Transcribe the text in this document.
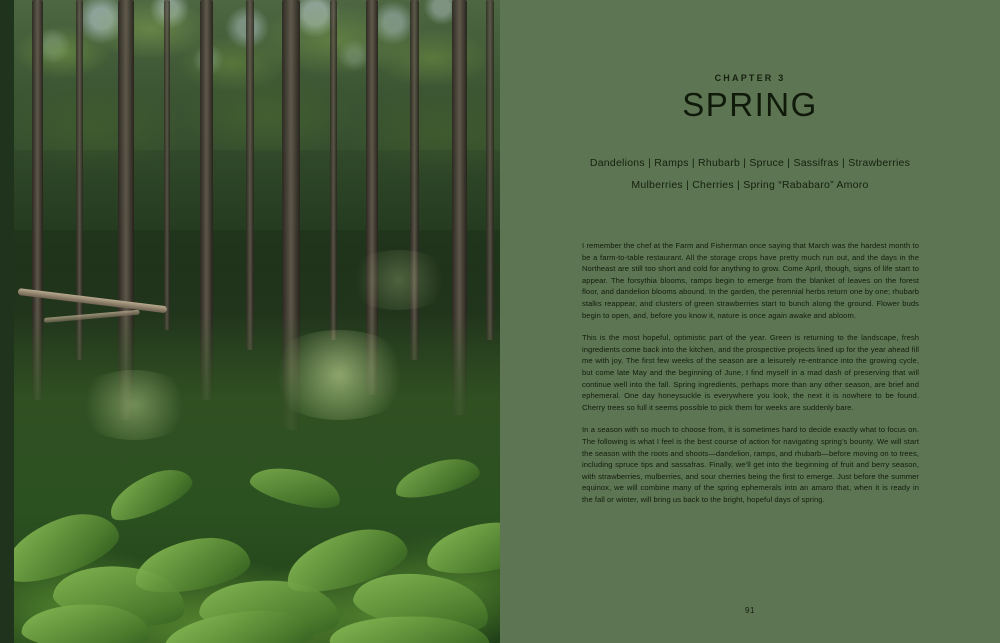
CHAPTER 3
SPRING
Dandelions | Ramps | Rhubarb | Spruce | Sassifras | Strawberries
Mulberries | Cherries | Spring “Rababaro” Amoro

I remember the chef at the Farm and Fisherman once saying that March was the hardest month to be a farm-to-table restaurant. All the storage crops have pretty much run out, and the days in the Northeast are still too short and cold for anything to grow. Come April, though, signs of life start to appear. The forsythia blooms, ramps begin to emerge from the blanket of leaves on the forest floor, and dandelion blooms abound. In the garden, the perennial herbs return one by one; rhubarb stalks reappear, and clusters of green strawberries start to bunch along the ground. Flower buds begin to open, and, before you know it, nature is once again awake and abloom.

This is the most hopeful, optimistic part of the year. Green is returning to the landscape, fresh ingredients come back into the kitchen, and the prospective projects lined up for the year ahead fill me with joy. The first few weeks of the season are a leisurely re-entrance into the growing cycle, but come late May and the beginning of June, I find myself in a mad dash of preserving that will continue well into the fall. Spring ingredients, perhaps more than any other season, are brief and ephemeral. One day honeysuckle is everywhere you look, the next it is nowhere to be found. Cherry trees so full it seems possible to pick them for weeks are suddenly bare.

In a season with so much to choose from, it is sometimes hard to decide exactly what to focus on. The following is what I feel is the best course of action for navigating spring’s bounty. We will start the season with the roots and shoots—dandelion, ramps, and rhubarb—before moving on to trees, including spruce tips and sassafras. Finally, we’ll get into the beginning of fruit and berry season, with strawberries, mulberries, and sour cherries being the first to emerge. Just before the summer equinox, we will combine many of the spring ephemerals into an amaro that, when it is ready in the fall or winter, will bring us back to the bright, hopeful days of spring.

91
